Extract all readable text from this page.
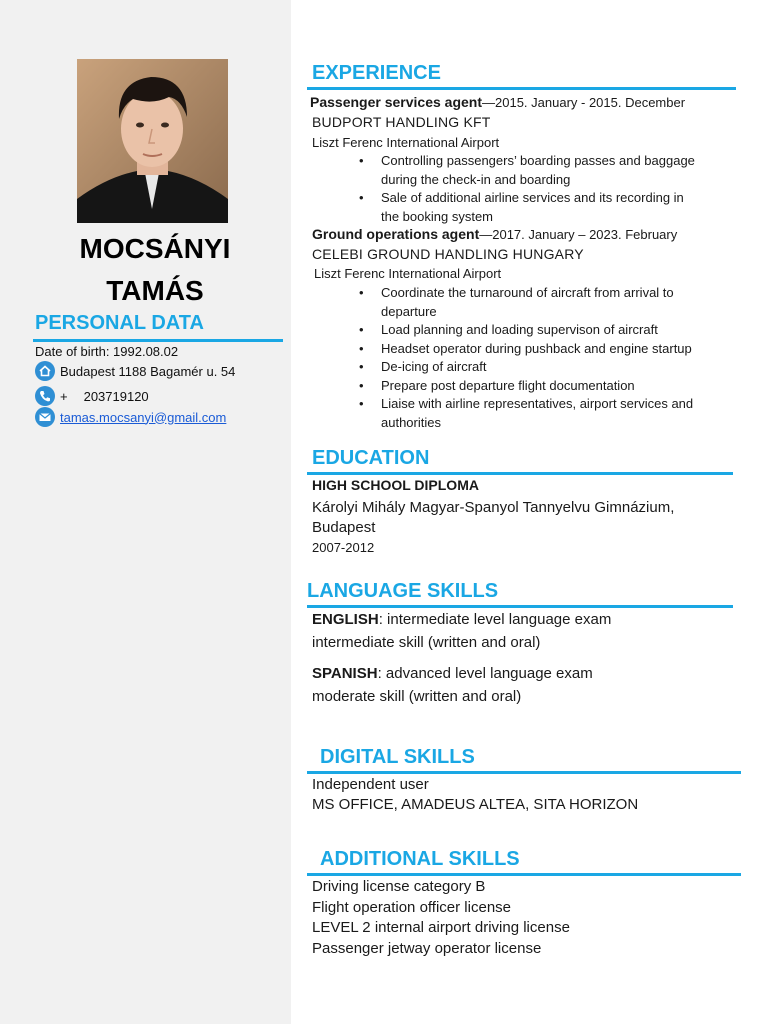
MOCSÁNYI
TAMÁS
PERSONAL DATA
Date of birth: 1992.08.02
Budapest 1188 Bagamér u. 54
+ 203719120
tamas.mocsanyi@gmail.com
EXPERIENCE
Passenger services agent—2015. January - 2015. December
BUDPORT HANDLING KFT
Liszt Ferenc International Airport
• Controlling passengers’ boarding passes and baggage
during the check-in and boarding
• Sale of additional airline services and its recording in
the booking system
Ground operations agent—2017. January – 2023. February
CELEBI GROUND HANDLING HUNGARY
Liszt Ferenc International Airport
• Coordinate the turnaround of aircraft from arrival to
departure
• Load planning and loading supervison of aircraft
• Headset operator during pushback and engine startup
• De-icing of aircraft
• Prepare post departure flight documentation
• Liaise with airline representatives, airport services and
authorities
EDUCATION
HIGH SCHOOL DIPLOMA
Károlyi Mihály Magyar-Spanyol Tannyelvu Gimnázium,
Budapest
2007-2012
LANGUAGE SKILLS
ENGLISH: intermediate level language exam
intermediate skill (written and oral)
SPANISH: advanced level language exam
moderate skill (written and oral)
DIGITAL SKILLS
Independent user
MS OFFICE, AMADEUS ALTEA, SITA HORIZON
ADDITIONAL SKILLS
Driving license category B
Flight operation officer license
LEVEL 2 internal airport driving license
Passenger jetway operator license
